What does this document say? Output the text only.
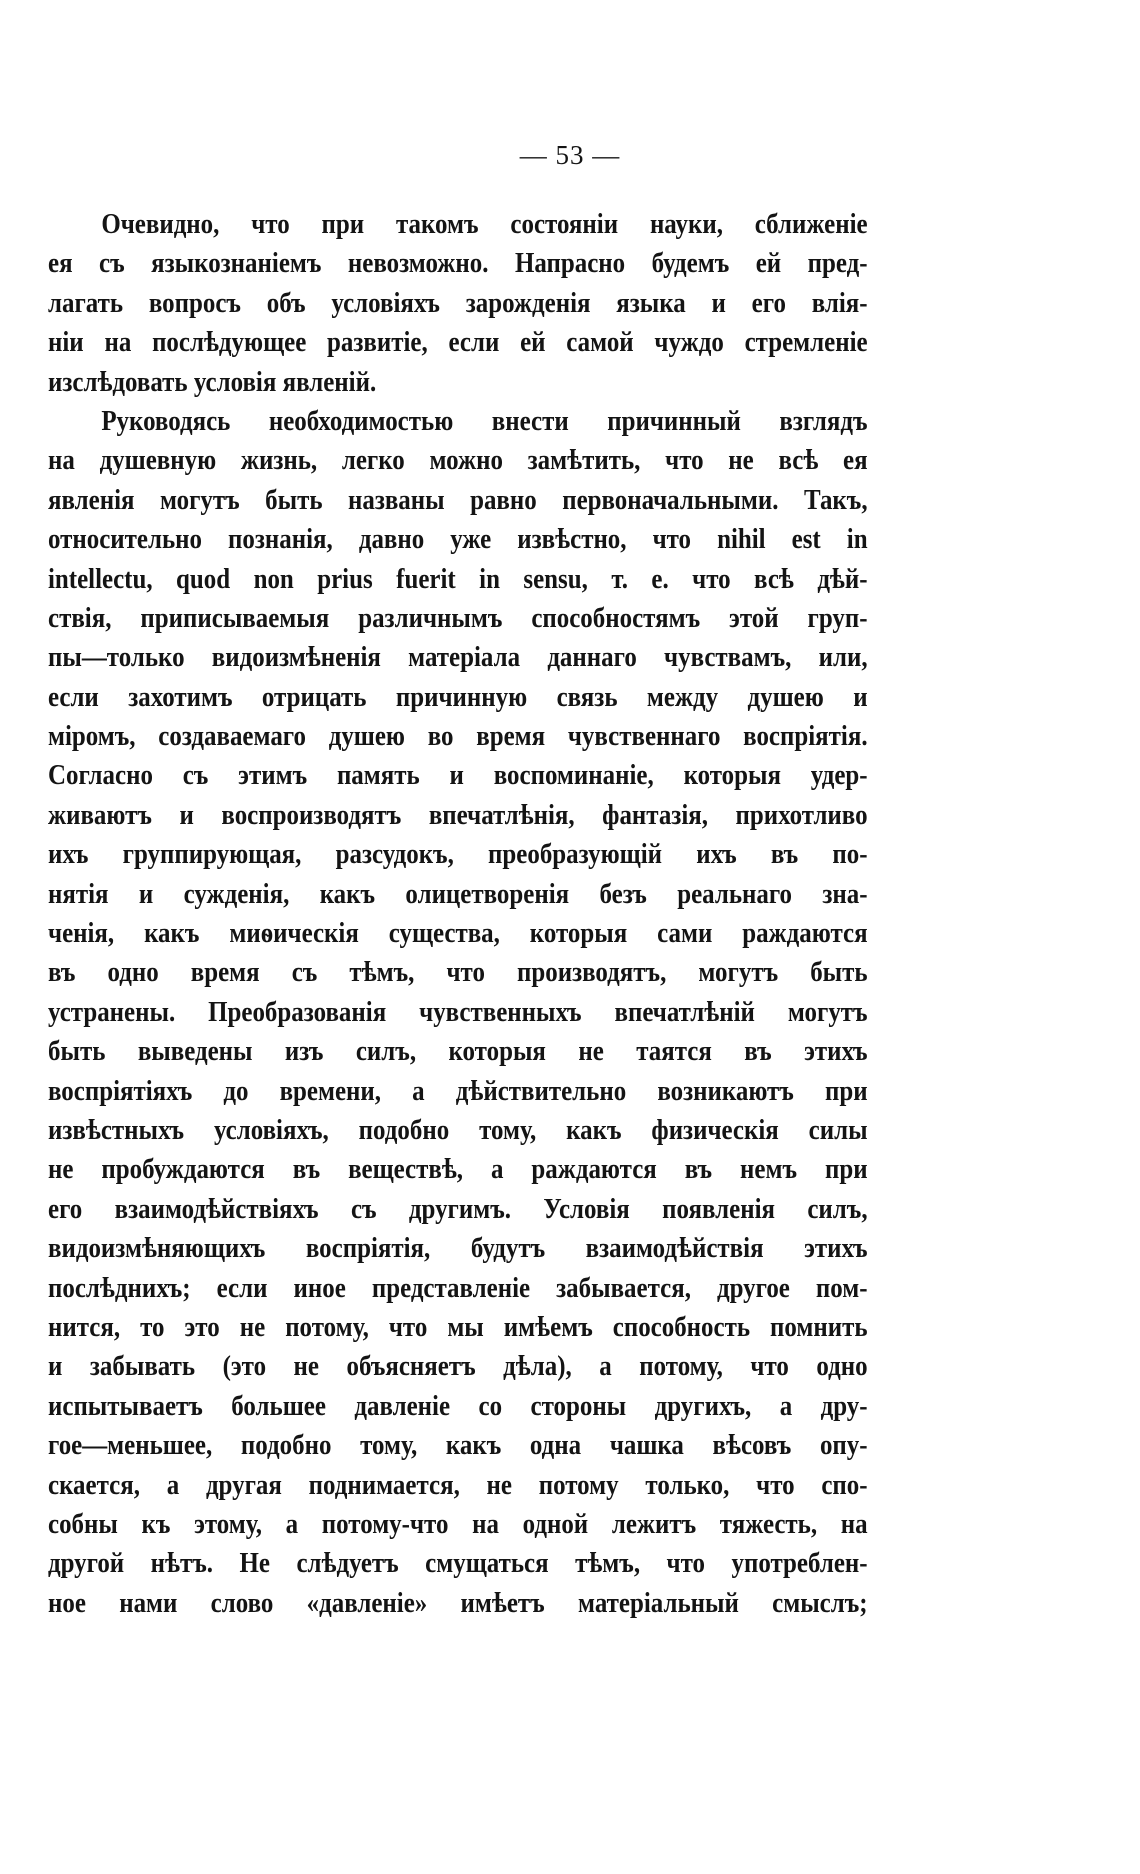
— 53 —
Очевидно, что при такомъ состоянiи науки, сближенiе
ея съ языкознанiемъ невозможно. Напрасно будемъ ей пред-
лагать вопросъ объ условiяхъ зарожденiя языка и его влiя-
нiи на послѣдующее развитiе, если ей самой чуждо стремленiе
изслѣдовать условiя явленiй.
Руководясь необходимостью внести причинный взглядъ
на душевную жизнь, легко можно замѣтить, что не всѣ ея
явленiя могутъ быть названы равно первоначальными. Такъ,
относительно познанiя, давно уже извѣстно, что nihil est in
intellectu, quod non prius fuerit in sensu, т. е. что всѣ дѣй-
ствiя, приписываемыя различнымъ способностямъ этой груп-
пы—только видоизмѣненiя матерiала даннаго чувствамъ, или,
если захотимъ отрицать причинную связь между душею и
мiромъ, создаваемаго душею во время чувственнаго воспрiятiя.
Согласно съ этимъ память и воспоминанiе, которыя удер-
живаютъ и воспроизводятъ впечатлѣнiя, фантазiя, прихотливо
ихъ группирующая, разсудокъ, преобразующiй ихъ въ по-
нятiя и сужденiя, какъ олицетворенiя безъ реальнаго зна-
ченiя, какъ миѳическiя существа, которыя сами раждаются
въ одно время съ тѣмъ, что производятъ, могутъ быть
устранены. Преобразованiя чувственныхъ впечатлѣнiй могутъ
быть выведены изъ силъ, которыя не таятся въ этихъ
воспрiятiяхъ до времени, а дѣйствительно возникаютъ при
извѣстныхъ условiяхъ, подобно тому, какъ физическiя силы
не пробуждаются въ веществѣ, а раждаются въ немъ при
его взаимодѣйствiяхъ съ другимъ. Условiя появленiя силъ,
видоизмѣняющихъ воспрiятiя, будутъ взаимодѣйствiя этихъ
послѣднихъ; если иное представленiе забывается, другое пом-
нится, то это не потому, что мы имѣемъ способность помнить
и забывать (это не объясняетъ дѣла), а потому, что одно
испытываетъ большее давленiе со стороны другихъ, а дру-
гое—меньшее, подобно тому, какъ одна чашка вѣсовъ опу-
скается, а другая поднимается, не потому только, что спо-
собны къ этому, а потому-что на одной лежитъ тяжесть, на
другой нѣтъ. Не слѣдуетъ смущаться тѣмъ, что употреблен-
ное нами слово «давленiе» имѣетъ матерiальный смыслъ;
